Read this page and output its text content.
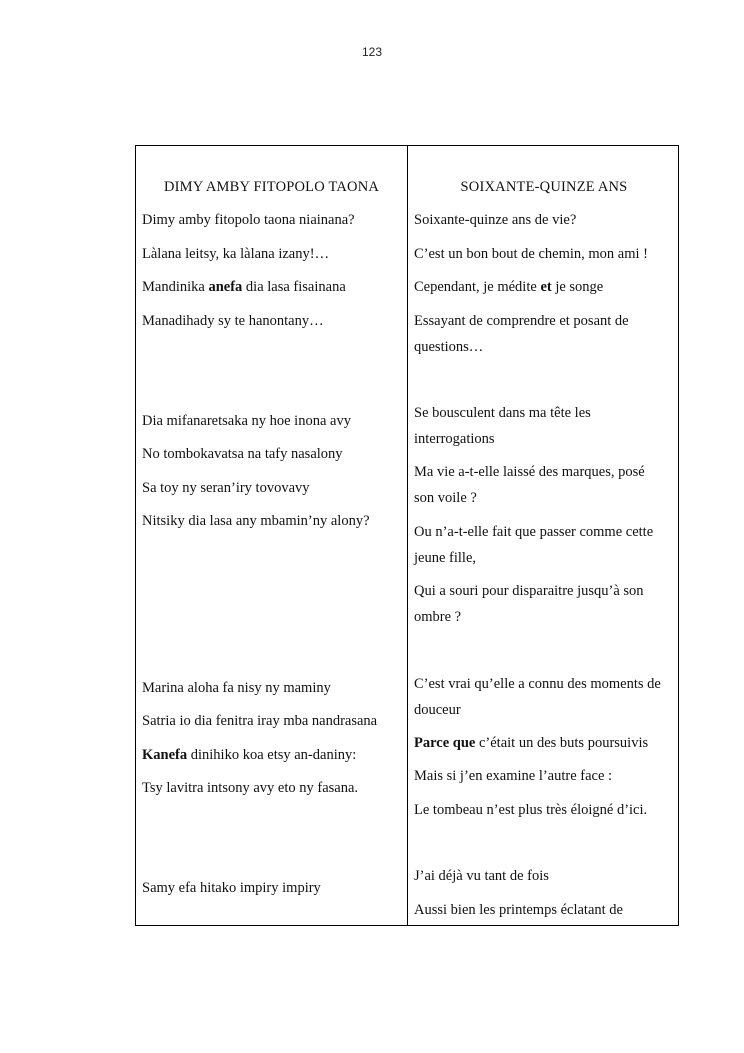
123
DIMY AMBY FITOPOLO TAONA
Dimy amby fitopolo taona niainana?
Làlana leitsy, ka làlana izany!…
Mandinika anefa dia lasa fisainana
Manadihady sy te hanontany…
Dia mifanaretsaka ny hoe inona avy
No tombokavatsa na tafy nasalony
Sa toy ny seran’iry tovovavy
Nitsiky dia lasa any mbamin’ny alony?
Marina aloha fa nisy ny maminy
Satria io dia fenitra iray mba nandrasana
Kanefa dinihiko koa etsy an-daniny:
Tsy lavitra intsony avy eto ny fasana.
Samy efa hitako impiry impiry
SOIXANTE-QUINZE ANS
Soixante-quinze ans de vie?
C’est un bon bout de chemin, mon ami !
Cependant, je médite et je songe
Essayant de comprendre et posant de
questions…
Se bousculent dans ma tête les
interrogations
Ma vie a-t-elle laissé des marques, posé
son voile ?
Ou n’a-t-elle fait que passer comme cette
jeune fille,
Qui a souri pour disparaitre jusqu’à son
ombre ?
C’est vrai qu’elle a connu des moments de
douceur
Parce que c’était un des buts poursuivis
Mais si j’en examine l’autre face :
Le tombeau n’est plus très éloigné d’ici.
J’ai déjà vu tant de fois
Aussi bien les printemps éclatant de
